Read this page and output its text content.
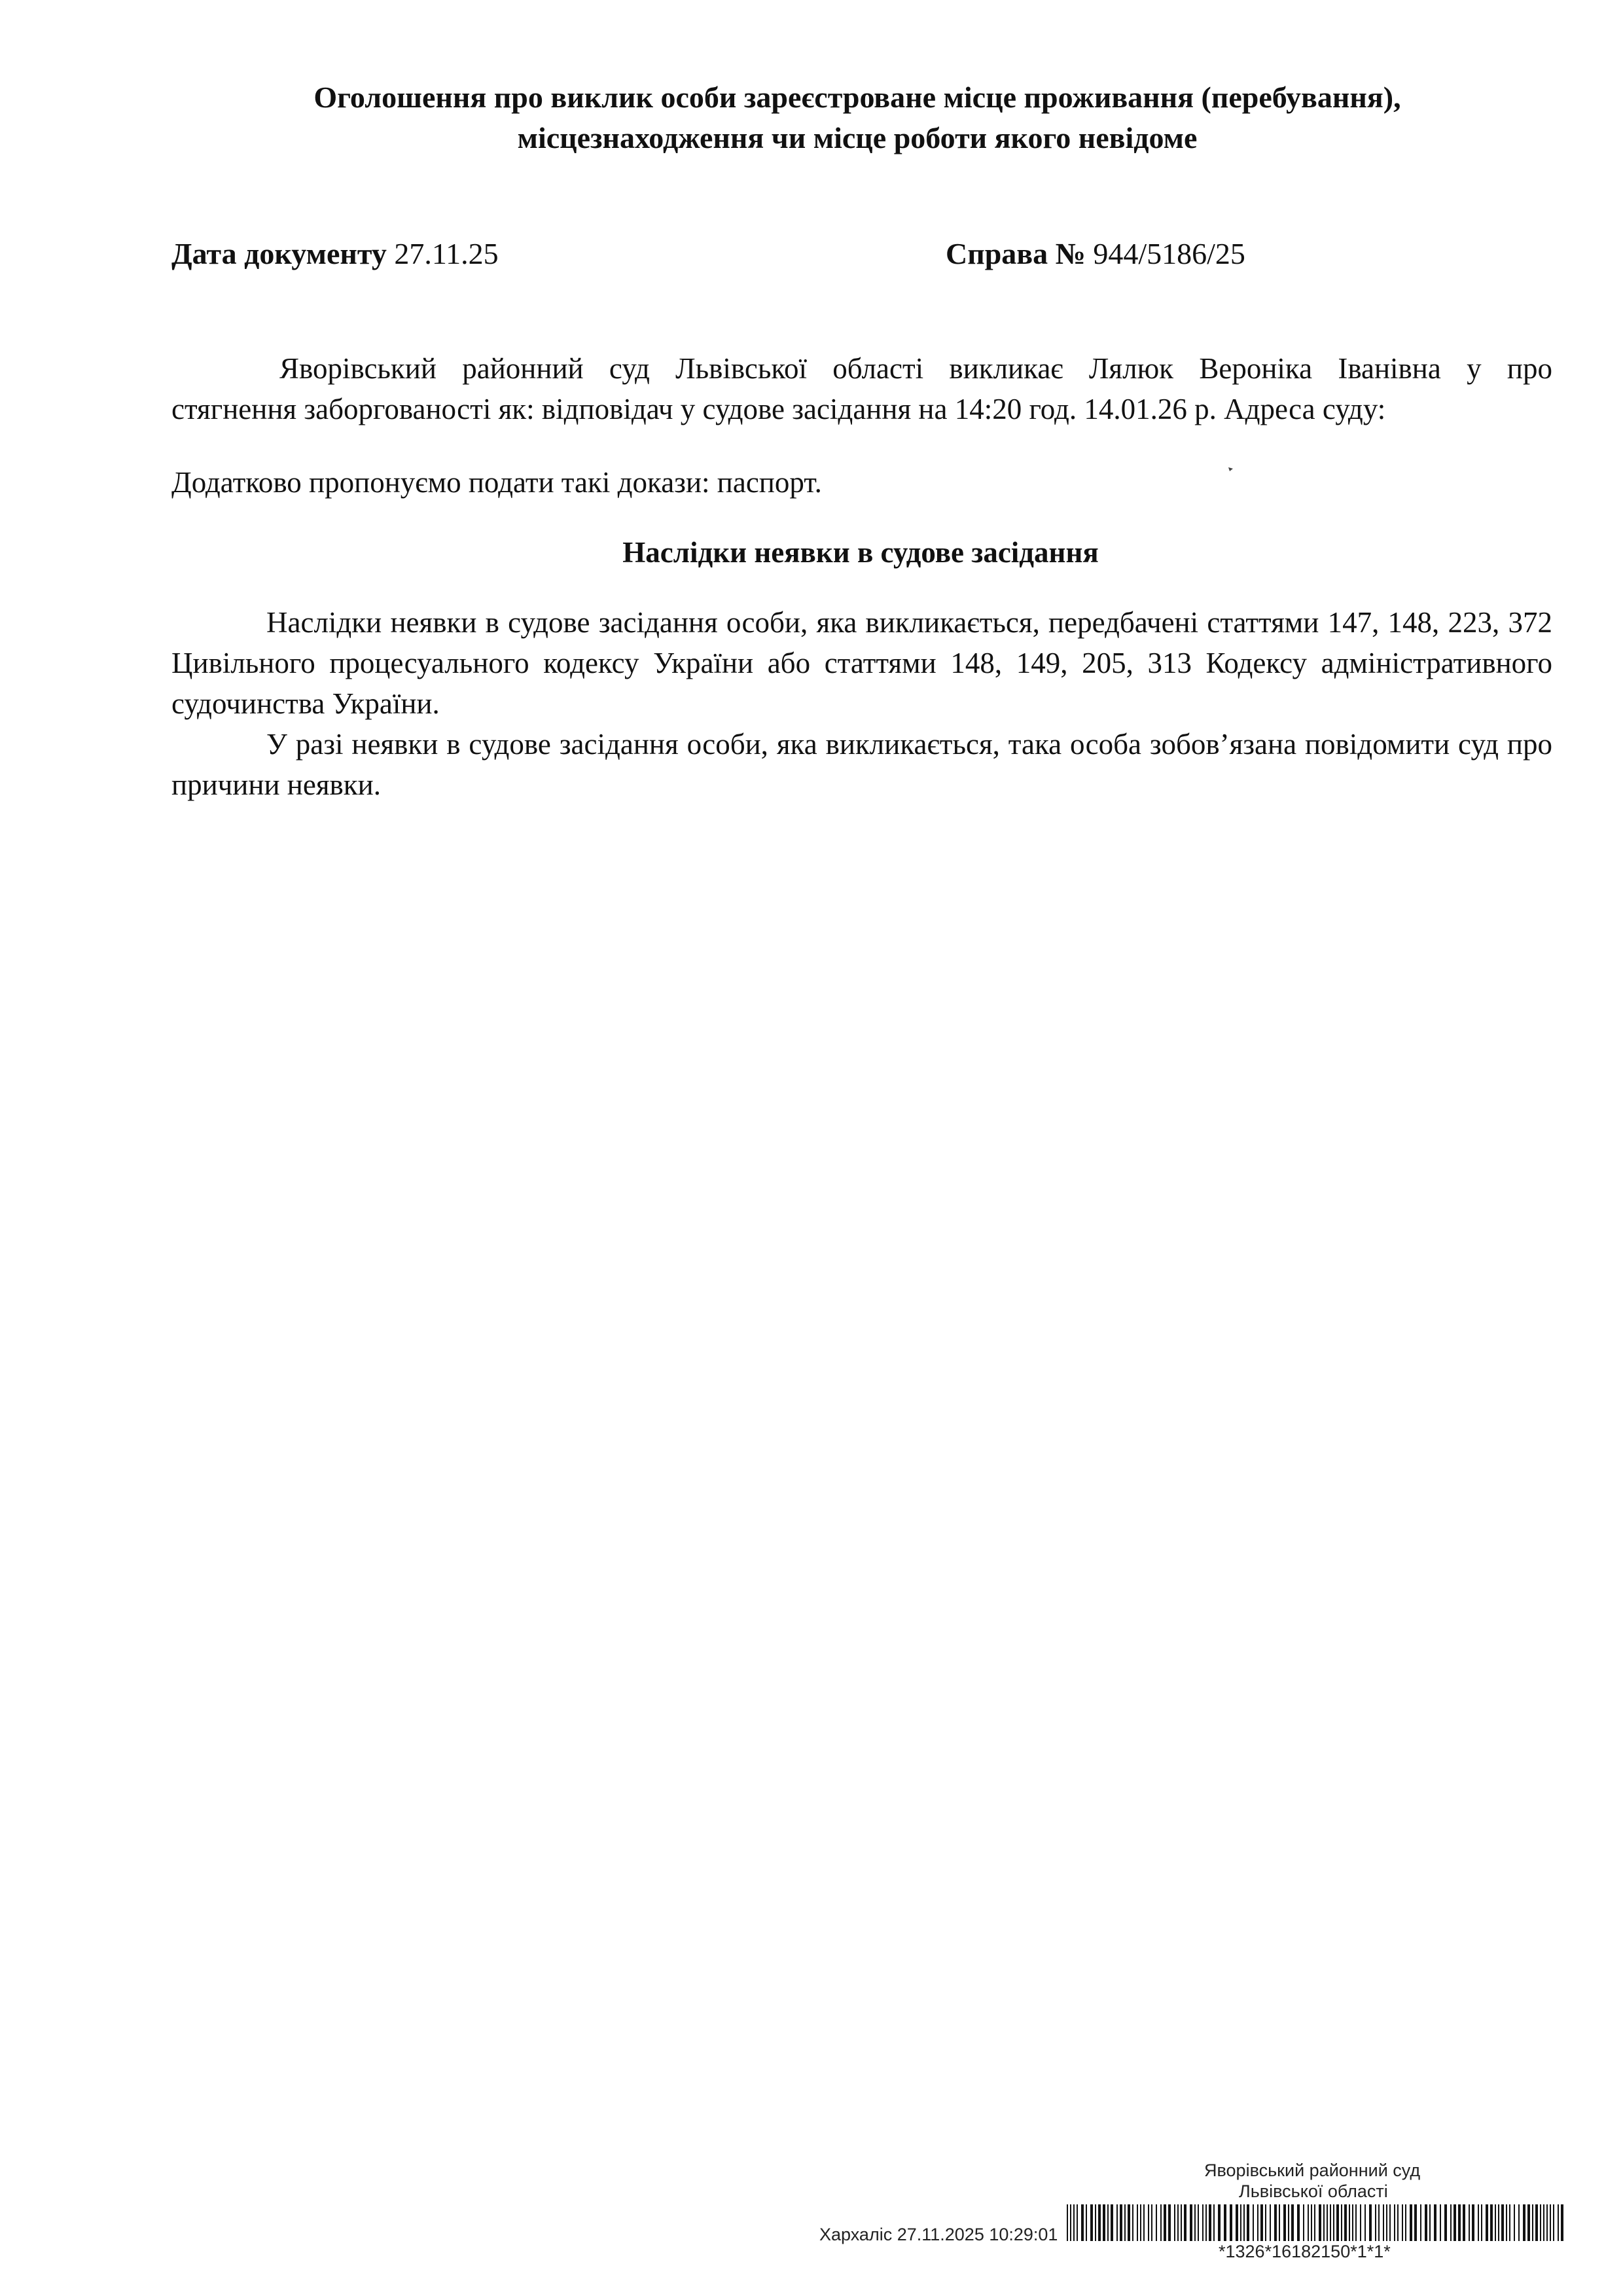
Оголошення про виклик особи зареєстроване місце проживання (перебування),
місцезнаходження чи місце роботи якого невідоме
Дата документу 27.11.25	Справа № 944/5186/25
Яворівський районний суд Львівської області викликає Лялюк Вероніка Іванівна у про
стягнення заборгованості як: відповідач у судове засідання на 14:20 год. 14.01.26 р. Адреса суду:
Додатково пропонуємо подати такі докази: паспорт.
Наслідки неявки в судове засідання
Наслідки неявки в судове засідання особи, яка викликається, передбачені статтями 147, 148, 223, 372 Цивільного процесуального кодексу України або статтями 148, 149, 205, 313 Кодексу адміністративного судочинства України.
У разі неявки в судове засідання особи, яка викликається, така особа зобов’язана повідомити суд про причини неявки.
Яворівський районний суд
Львівської області
Xархаліс 27.11.2025 10:29:01
*1326*16182150*1*1*
